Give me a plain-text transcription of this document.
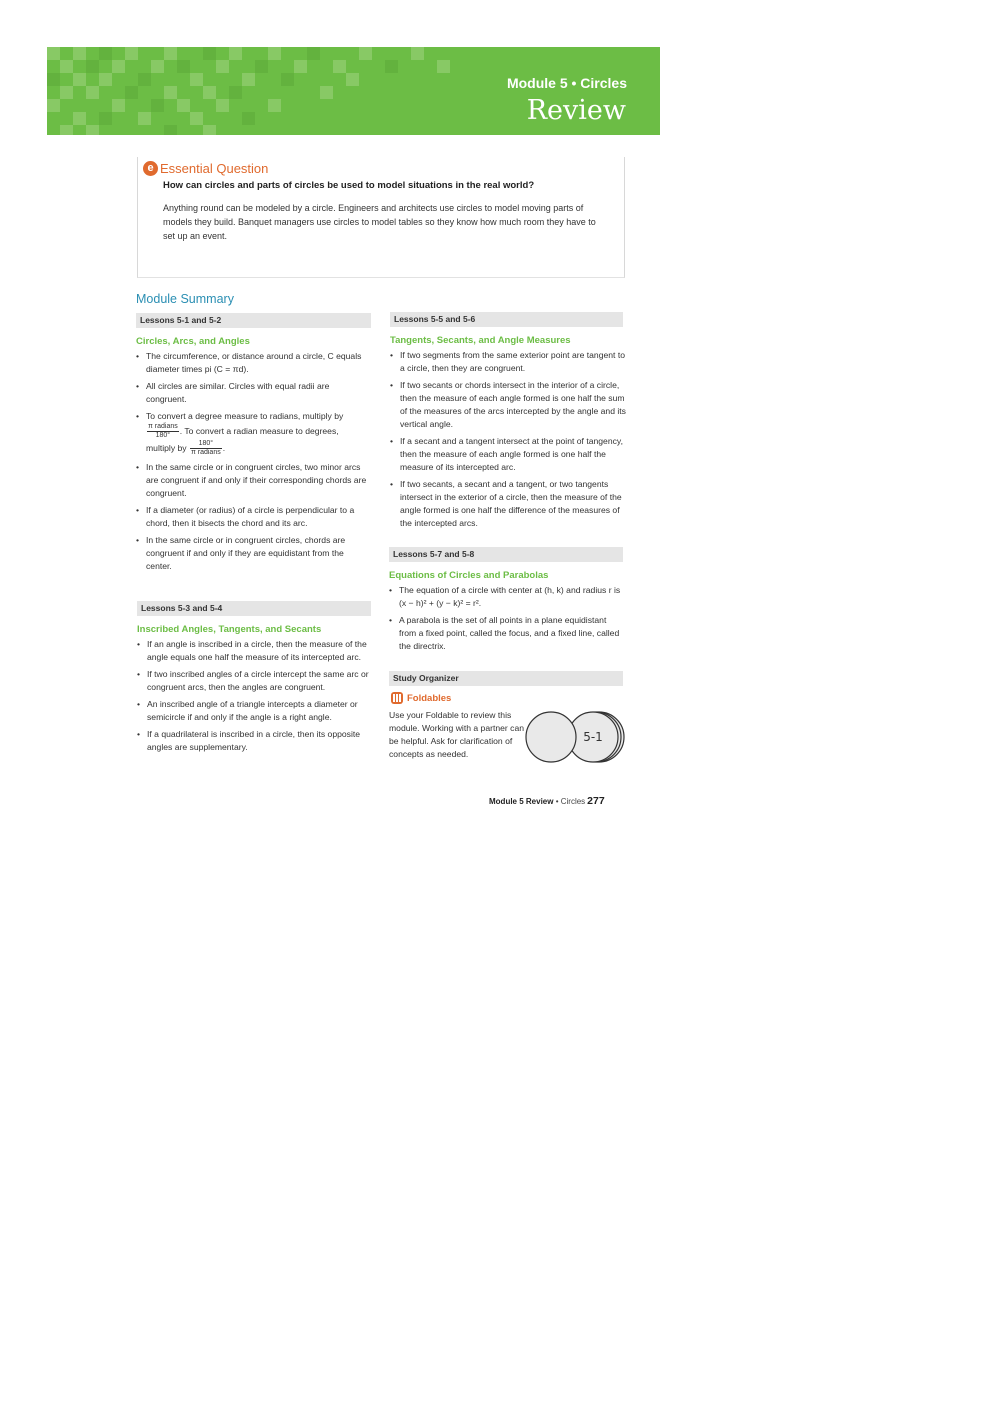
Module 5 • Circles
Review
e Essential Question
How can circles and parts of circles be used to model situations in the real world?
Anything round can be modeled by a circle. Engineers and architects use circles to model moving parts of models they build. Banquet managers use circles to model tables so they know how much room they have to set up an event.
Module Summary
Lessons 5-1 and 5-2
Circles, Arcs, and Angles
• The circumference, or distance around a circle, C equals diameter times pi (C = πd).
• All circles are similar. Circles with equal radii are congruent.
• To convert a degree measure to radians, multiply by
$\frac{\text{π radians}}{180^\circ}$ . To convert a radian measure to degrees, multiply by $\frac{180^\circ}{\text{π radians}}$ .
• In the same circle or in congruent circles, two minor arcs are congruent if and only if their corresponding chords are congruent.
• If a diameter (or radius) of a circle is perpendicular to a chord, then it bisects the chord and its arc.
• In the same circle or in congruent circles, chords are congruent if and only if they are equidistant from the center.
Lessons 5-3 and 5-4
Inscribed Angles, Tangents, and Secants
• If an angle is inscribed in a circle, then the measure of the angle equals one half the measure of its intercepted arc.
• If two inscribed angles of a circle intercept the same arc or congruent arcs, then the angles are congruent.
• An inscribed angle of a triangle intercepts a diameter or semicircle if and only if the angle is a right angle.
• If a quadrilateral is inscribed in a circle, then its opposite angles are supplementary.
Lessons 5-5 and 5-6
Tangents, Secants, and Angle Measures
• If two segments from the same exterior point are tangent to a circle, then they are congruent.
• If two secants or chords intersect in the interior of a circle, then the measure of each angle formed is one half the sum of the measures of the arcs intercepted by the angle and its vertical angle.
• If a secant and a tangent intersect at the point of tangency, then the measure of each angle formed is one half the measure of its intercepted arc.
• If two secants, a secant and a tangent, or two tangents intersect in the exterior of a circle, then the measure of the angle formed is one half the difference of the measures of the intercepted arcs.
Lessons 5-7 and 5-8
Equations of Circles and Parabolas
• The equation of a circle with center at (h, k) and radius r is (x − h)² + (y − k)² = r².
• A parabola is the set of all points in a plane equidistant from a fixed point, called the focus, and a fixed line, called the directrix.
Study Organizer
Foldables
Use your Foldable to review this module. Working with a partner can be helpful. Ask for clarification of concepts as needed.
5-1
Module 5 Review • Circles 277
